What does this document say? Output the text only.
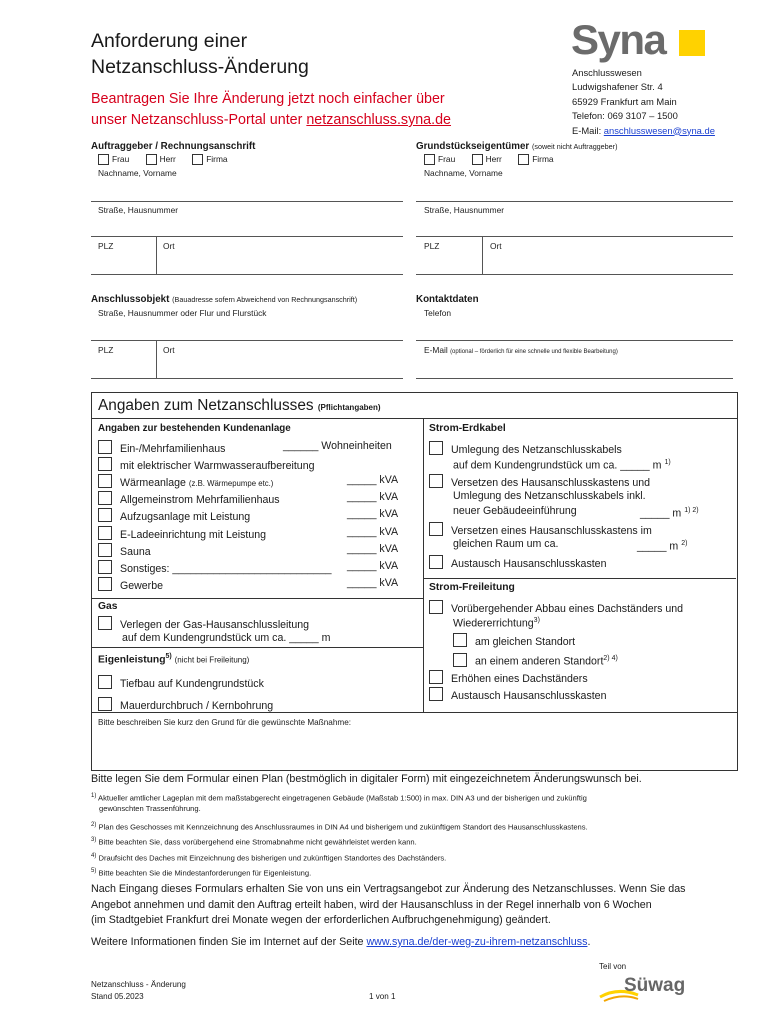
Anforderung einer
Netzanschluss-Änderung
Beantragen Sie Ihre Änderung jetzt noch einfacher über
unser Netzanschluss-Portal unter netzanschluss.syna.de
Syna
Anschlusswesen
Ludwigshafener Str. 4
65929 Frankfurt am Main
Telefon: 069 3107 – 1500
E-Mail: anschlusswesen@syna.de
Auftraggeber / Rechnungsanschrift
Frau	Herr	Firma
Nachname, Vorname
Straße, Hausnummer
PLZ	Ort
Grundstückseigentümer (soweit nicht Auftraggeber)
Frau	Herr	Firma
Nachname, Vorname
Straße, Hausnummer
PLZ	Ort
Anschlussobjekt (Bauadresse sofern Abweichend von Rechnungsanschrift)
Straße, Hausnummer oder Flur und Flurstück
PLZ	Ort
Kontaktdaten
Telefon
E-Mail (optional – förderlich für eine schnelle und flexible Bearbeitung)
Angaben zum Netzanschlusses (Pflichtangaben)
Angaben zur bestehenden Kundenanlage
Ein-/Mehrfamilienhaus	______ Wohneinheiten
mit elektrischer Warmwasseraufbereitung
Wärmeanlage (z.B. Wärmepumpe etc.)	_____ kVA
Allgemeinstrom Mehrfamilienhaus	_____ kVA
Aufzugsanlage mit Leistung	_____ kVA
E-Ladeeinrichtung mit Leistung	_____ kVA
Sauna	_____ kVA
Sonstiges: ___________________________ _____ kVA
Gewerbe	_____ kVA
Gas
Verlegen der Gas-Hausanschlussleitung
auf dem Kundengrundstück um ca. _____ m
Eigenleistung$^{5)}$ (nicht bei Freileitung)
Tiefbau auf Kundengrundstück
Mauerdurchbruch / Kernbohrung
Strom-Erdkabel
Umlegung des Netzanschlusskabels
auf dem Kundengrundstück um ca. _____ m $^{1)}$
Versetzen des Hausanschlusskastens und
Umlegung des Netzanschlusskabels inkl.
neuer Gebäudeeinführung	_____ m $^{1) 2)}$
Versetzen eines Hausanschlusskastens im
gleichen Raum um ca.	_____ m $^{2)}$
Austausch Hausanschlusskasten
Strom-Freileitung
Vorübergehender Abbau eines Dachständers und
Wiedererrichtung$^{3)}$
am gleichen Standort
an einem anderen Standort$^{2) 4)}$
Erhöhen eines Dachständers
Austausch Hausanschlusskasten
Bitte beschreiben Sie kurz den Grund für die gewünschte Maßnahme:
Bitte legen Sie dem Formular einen Plan (bestmöglich in digitaler Form) mit eingezeichnetem Änderungswunsch bei.
$^{1)}$ Aktueller amtlicher Lageplan mit dem maßstabgerecht eingetragenen Gebäude (Maßstab 1:500) in max. DIN A3 und der bisherigen und zukünftig
gewünschten Trassenführung.
$^{2)}$ Plan des Geschosses mit Kennzeichnung des Anschlussraumes in DIN A4 und bisherigem und zukünftigem Standort des Hausanschlusskastens.
$^{3)}$ Bitte beachten Sie, dass vorübergehend eine Stromabnahme nicht gewährleistet werden kann.
$^{4)}$ Draufsicht des Daches mit Einzeichnung des bisherigen und zukünftigen Standortes des Dachständers.
$^{5)}$ Bitte beachten Sie die Mindestanforderungen für Eigenleistung.
Nach Eingang dieses Formulars erhalten Sie von uns ein Vertragsangebot zur Änderung des Netzanschlusses. Wenn Sie das
Angebot annehmen und damit den Auftrag erteilt haben, wird der Hausanschluss in der Regel innerhalb von 6 Wochen
(im Stadtgebiet Frankfurt drei Monate wegen der erforderlichen Aufbruchgenehmigung) geändert.
Weitere Informationen finden Sie im Internet auf der Seite www.syna.de/der-weg-zu-ihrem-netzanschluss.
Netzanschluss - Änderung
Stand 05.2023	1 von 1
Teil von
Süwag
